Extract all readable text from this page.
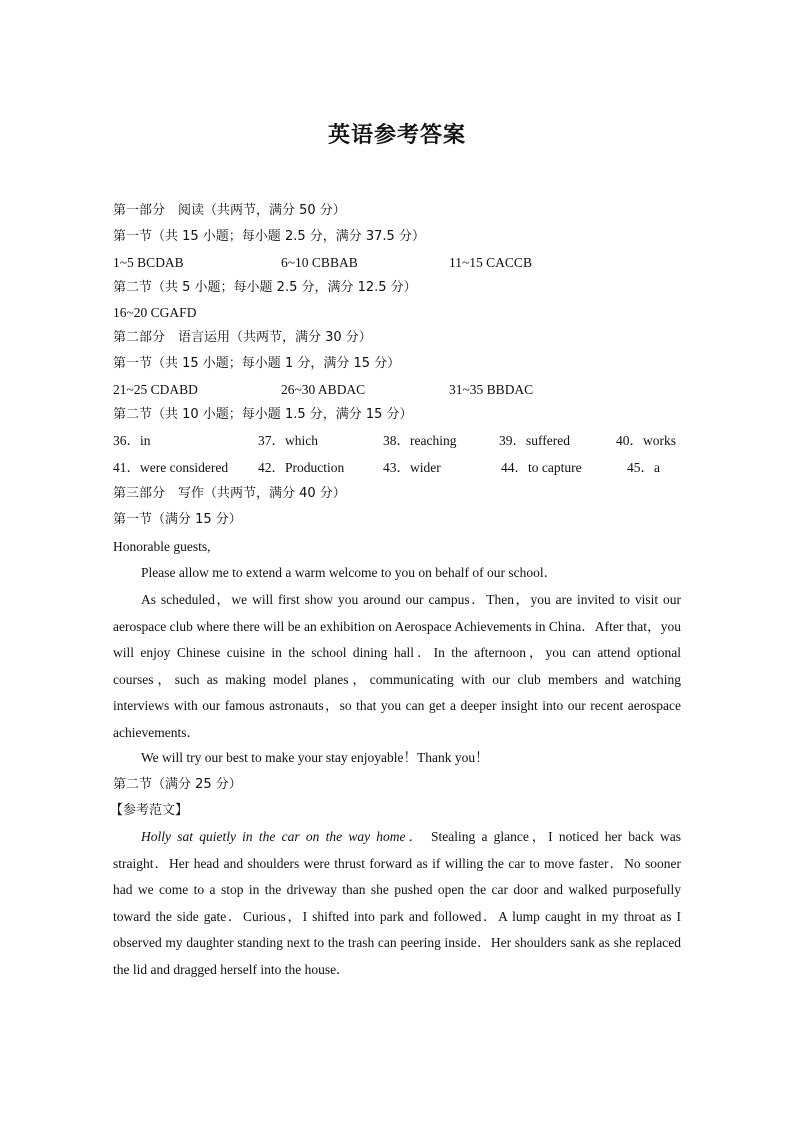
英语参考答案
第一部分　阅读（共两节，满分 50 分）
第一节（共 15 小题；每小题 2.5 分，满分 37.5 分）
1~5 BCDAB	6~10 CBBAB	11~15 CACCB
第二节（共 5 小题；每小题 2.5 分，满分 12.5 分）
16~20 CGAFD
第二部分　语言运用（共两节，满分 30 分）
第一节（共 15 小题；每小题 1 分，满分 15 分）
21~25 CDABD	26~30 ABDAC	31~35 BBDAC
第二节（共 10 小题；每小题 1.5 分，满分 15 分）
36．in	37．which	38．reaching	39．suffered	40．works
41．were considered 42．Production	43．wider	44．to capture	45．a
第三部分　写作（共两节，满分 40 分）
第一节（满分 15 分）
Honorable guests,
Please allow me to extend a warm welcome to you on behalf of our school．
As scheduled，we will first show you around our campus．Then，you are invited to visit our aerospace club where there will be an exhibition on Aerospace Achievements in China．After that，you will enjoy Chinese cuisine in the school dining hall．In the afternoon，you can attend optional courses，such as making model planes，communicating with our club members and watching interviews with our famous astronauts，so that you can get a deeper insight into our recent aerospace achievements．
We will try our best to make your stay enjoyable！Thank you！
第二节（满分 25 分）
【参考范文】
Holly sat quietly in the car on the way home． Stealing a glance，I noticed her back was straight．Her head and shoulders were thrust forward as if willing the car to move faster．No sooner had we come to a stop in the driveway than she pushed open the car door and walked purposefully toward the side gate．Curious，I shifted into park and followed．A lump caught in my throat as I observed my daughter standing next to the trash can peering inside．Her shoulders sank as she replaced the lid and dragged herself into the house．
